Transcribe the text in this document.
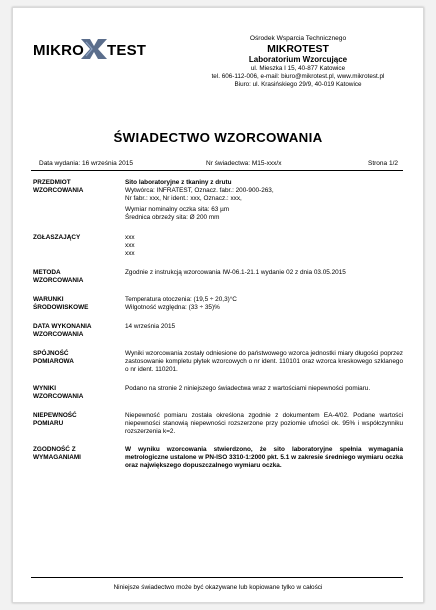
MIKRO TEST
Ośrodek Wsparcia Technicznego
MIKROTEST
Laboratorium Wzorcujące
ul. Mieszka I 15, 40-877 Katowice
tel. 606-112-006, e-mail: biuro@mikrotest.pl, www.mikrotest.pl
Biuro: ul. Krasińskiego 29/9, 40-019 Katowice
ŚWIADECTWO WZORCOWANIA
Data wydania: 16 września 2015	Nr świadectwa: M15-xxx/x	Strona 1/2
PRZEDMIOT WZORCOWANIA
Sito laboratoryjne z tkaniny z drutu
Wytwórca: INFRATEST, Oznacz. fabr.: 200-900-263,
Nr fabr.: xxx, Nr ident.: xxx, Oznacz.: xxx,
Wymiar nominalny oczka sita: 63 µm
Średnica obrzeży sita: Ø 200 mm
ZGŁASZAJĄCY	xxx
xxx
xxx
METODA WZORCOWANIA
Zgodnie z instrukcją wzorcowania IW-06.1-21.1 wydanie 02 z dnia 03.05.2015
WARUNKI ŚRODOWISKOWE
Temperatura otoczenia: (19,5 ÷ 20,3)°C
Wilgotność względna: (33 ÷ 35)%
DATA WYKONANIA WZORCOWANIA
14 września 2015
SPÓJNOŚĆ POMIAROWA
Wyniki wzorcowania zostały odniesione do państwowego wzorca jednostki miary długości poprzez zastosowanie kompletu płytek wzorcowych o nr ident. 110101 oraz wzorca kreskowego szklanego o nr ident. 110201.
WYNIKI WZORCOWANIA
Podano na stronie 2 niniejszego świadectwa wraz z wartościami niepewności pomiaru.
NIEPEWNOŚĆ POMIARU
Niepewność pomiaru została określona zgodnie z dokumentem EA-4/02. Podane wartości niepewności stanowią niepewności rozszerzone przy poziomie ufności ok. 95% i współczynniku rozszerzenia k=2.
ZGODNOŚĆ Z WYMAGANIAMI
W wyniku wzorcowania stwierdzono, że sito laboratoryjne spełnia wymagania metrologiczne ustalone w PN-ISO 3310-1:2000 pkt. 5.1 w zakresie średniego wymiaru oczka oraz największego dopuszczalnego wymiaru oczka.
Niniejsze świadectwo może być okazywane lub kopiowane tylko w całości
